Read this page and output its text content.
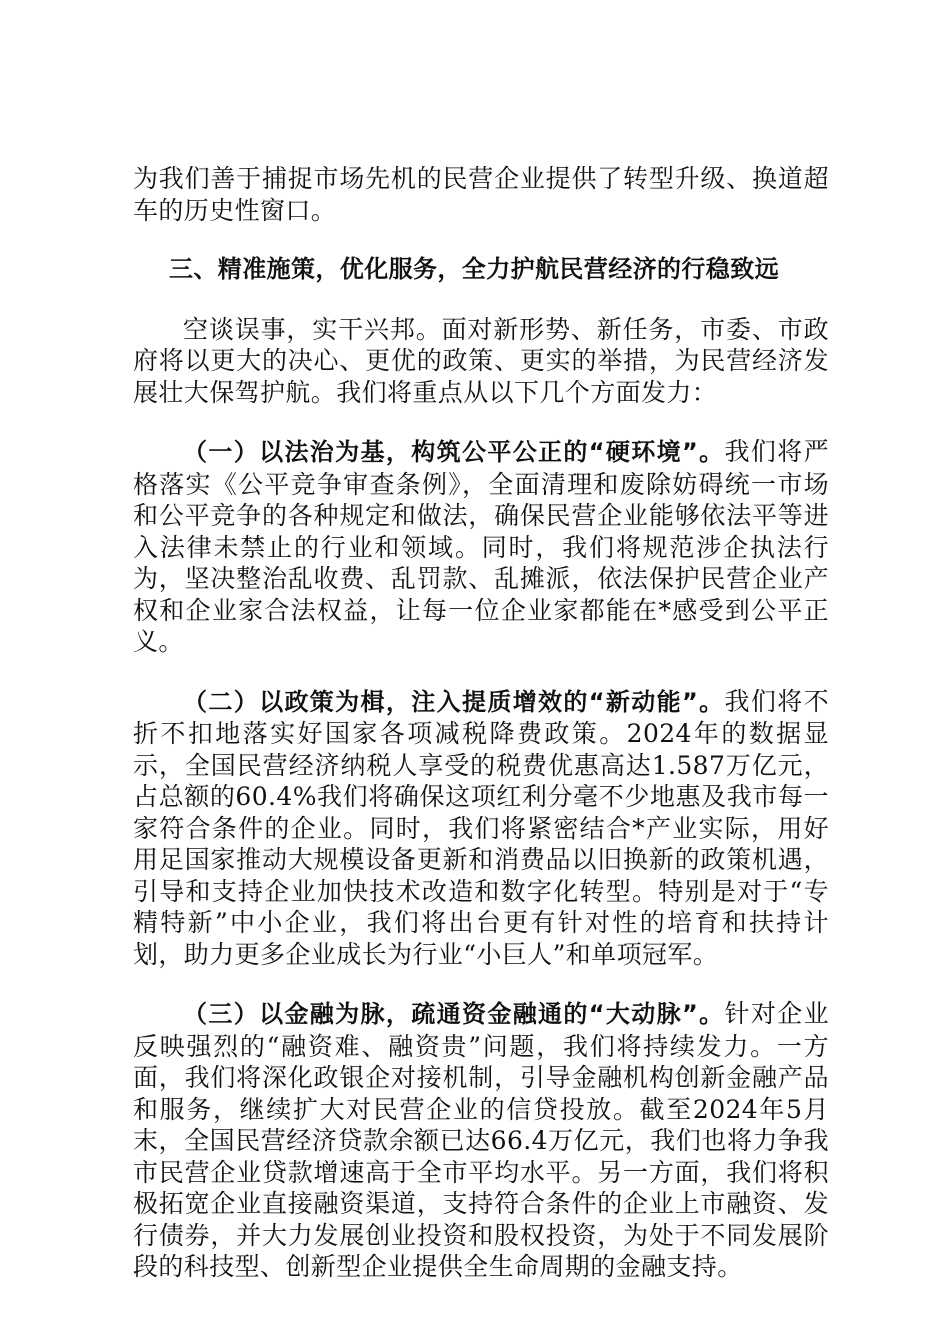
为我们善于捕捉市场先机的民营企业提供了转型升级、换道超车的历史性窗口。

三、精准施策，优化服务，全力护航民营经济的行稳致远

空谈误事，实干兴邦。面对新形势、新任务，市委、市政府将以更大的决心、更优的政策、更实的举措，为民营经济发展壮大保驾护航。我们将重点从以下几个方面发力：

（一）以法治为基，构筑公平公正的“硬环境”。我们将严格落实《公平竞争审查条例》，全面清理和废除妨碍统一市场和公平竞争的各种规定和做法，确保民营企业能够依法平等进入法律未禁止的行业和领域。同时，我们将规范涉企执法行为，坚决整治乱收费、乱罚款、乱摊派，依法保护民营企业产权和企业家合法权益，让每一位企业家都能在*感受到公平正义。

（二）以政策为楫，注入提质增效的“新动能”。我们将不折不扣地落实好国家各项减税降费政策。2024年的数据显示，全国民营经济纳税人享受的税费优惠高达1.587万亿元，占总额的60.4%我们将确保这项红利分毫不少地惠及我市每一家符合条件的企业。同时，我们将紧密结合*产业实际，用好用足国家推动大规模设备更新和消费品以旧换新的政策机遇，引导和支持企业加快技术改造和数字化转型。特别是对于“专精特新”中小企业，我们将出台更有针对性的培育和扶持计划，助力更多企业成长为行业“小巨人”和单项冠军。

（三）以金融为脉，疏通资金融通的“大动脉”。针对企业反映强烈的“融资难、融资贵”问题，我们将持续发力。一方面，我们将深化政银企对接机制，引导金融机构创新金融产品和服务，继续扩大对民营企业的信贷投放。截至2024年5月末，全国民营经济贷款余额已达66.4万亿元，我们也将力争我市民营企业贷款增速高于全市平均水平。另一方面，我们将积极拓宽企业直接融资渠道，支持符合条件的企业上市融资、发行债券，并大力发展创业投资和股权投资，为处于不同发展阶段的科技型、创新型企业提供全生命周期的金融支持。
